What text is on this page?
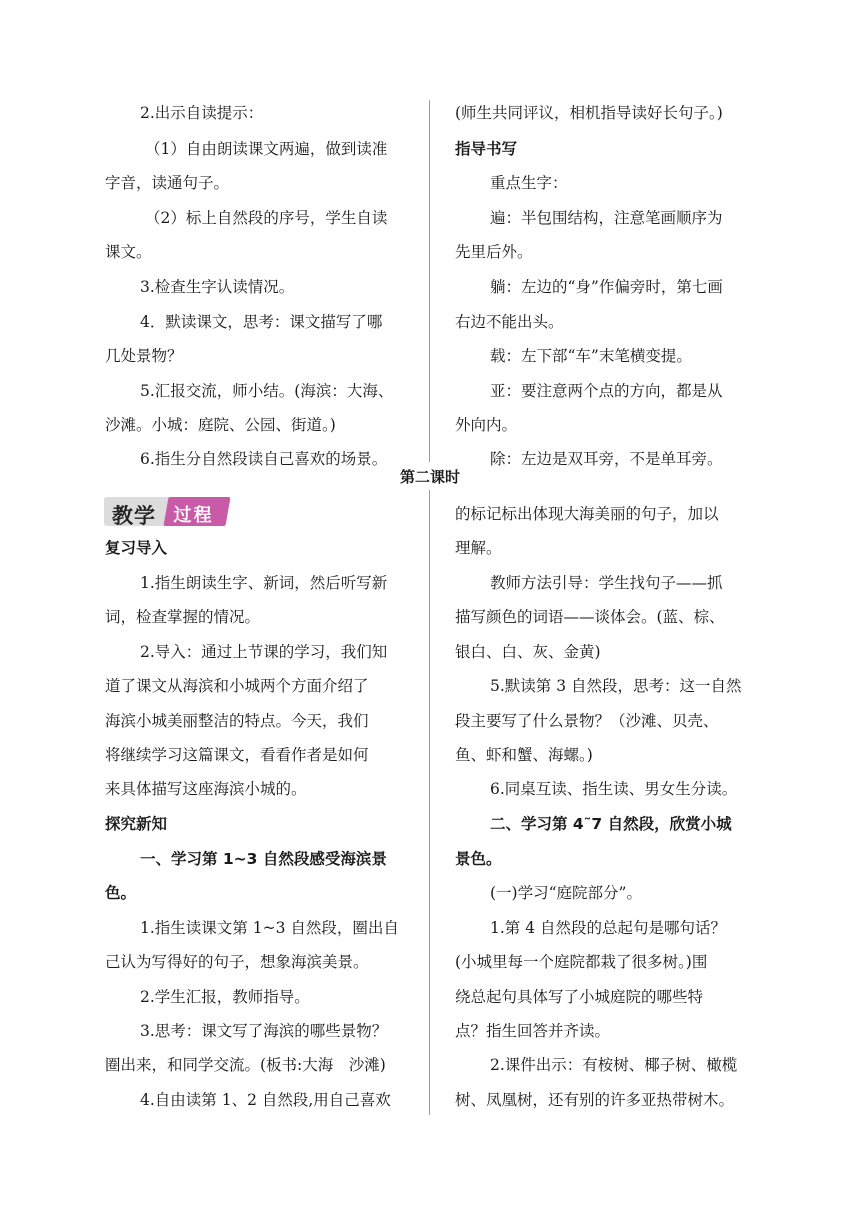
2.出示自读提示：
（1）自由朗读课文两遍，做到读准
字音，读通句子。
（2）标上自然段的序号，学生自读
课文。
3.检查生字认读情况。
4．默读课文，思考：课文描写了哪
几处景物？
5.汇报交流，师小结。(海滨：大海、
沙滩。小城：庭院、公园、街道。)
6.指生分自然段读自己喜欢的场景。
(师生共同评议，相机指导读好长句子。)
指导书写
重点生字：
遍：半包围结构，注意笔画顺序为
先里后外。
躺：左边的“身”作偏旁时，第七画
右边不能出头。
载：左下部“车”末笔横变提。
亚：要注意两个点的方向，都是从
外向内。
除：左边是双耳旁，不是单耳旁。
第二课时
教学 过程
复习导入
1.指生朗读生字、新词，然后听写新
词，检查掌握的情况。
2.导入：通过上节课的学习，我们知
道了课文从海滨和小城两个方面介绍了
海滨小城美丽整洁的特点。今天，我们
将继续学习这篇课文，看看作者是如何
来具体描写这座海滨小城的。
探究新知
一、学习第 1~3 自然段感受海滨景
色。
1.指生读课文第 1~3 自然段，圈出自
己认为写得好的句子，想象海滨美景。
2.学生汇报，教师指导。
3.思考：课文写了海滨的哪些景物？
圈出来，和同学交流。(板书:大海　沙滩)
4.自由读第 1、2 自然段,用自己喜欢
的标记标出体现大海美丽的句子，加以
理解。
教师方法引导：学生找句子——抓
描写颜色的词语——谈体会。(蓝、棕、
银白、白、灰、金黄)
5.默读第 3 自然段，思考：这一自然
段主要写了什么景物？（沙滩、贝壳、
鱼、虾和蟹、海螺。)
6.同桌互读、指生读、男女生分读。
二、学习第 4˜7 自然段，欣赏小城
景色。
(一)学习“庭院部分”。
1.第 4 自然段的总起句是哪句话？
(小城里每一个庭院都栽了很多树。)围
绕总起句具体写了小城庭院的哪些特
点？指生回答并齐读。
2.课件出示：有桉树、椰子树、橄榄
树、凤凰树，还有别的许多亚热带树木。
